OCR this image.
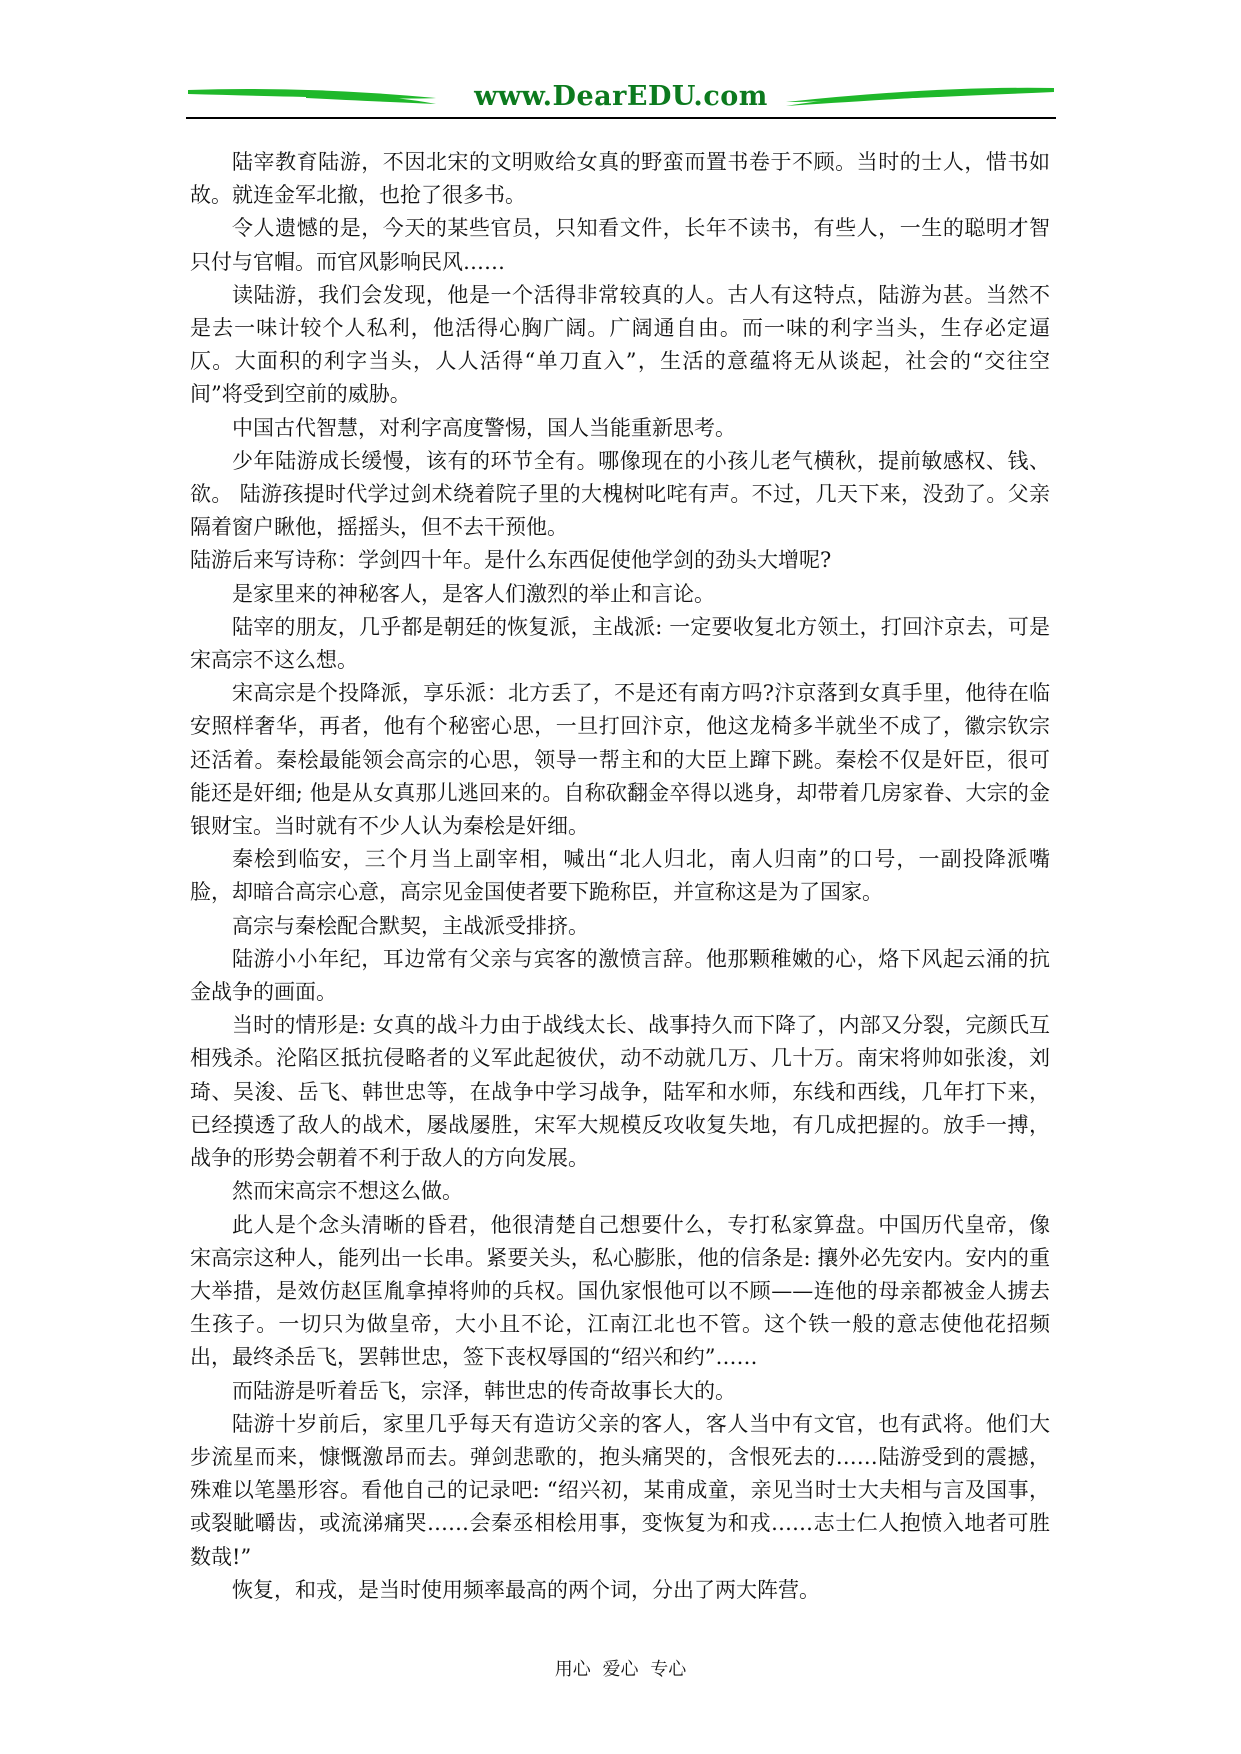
www.DearEDU.com

陆宰教育陆游，不因北宋的文明败给女真的野蛮而置书卷于不顾。当时的士人，惜书如故。就连金军北撤，也抢了很多书。

令人遗憾的是，今天的某些官员，只知看文件，长年不读书，有些人，一生的聪明才智只付与官帽。而官风影响民风……

读陆游，我们会发现，他是一个活得非常较真的人。古人有这特点，陆游为甚。当然不是去一味计较个人私利，他活得心胸广阔。广阔通自由。而一味的利字当头，生存必定逼仄。大面积的利字当头，人人活得“单刀直入”，生活的意蕴将无从谈起，社会的“交往空间”将受到空前的威胁。

中国古代智慧，对利字高度警惕，国人当能重新思考。

少年陆游成长缓慢，该有的环节全有。哪像现在的小孩儿老气横秋，提前敏感权、钱、欲。 陆游孩提时代学过剑术绕着院子里的大槐树叱咤有声。不过，几天下来，没劲了。父亲隔着窗户瞅他，摇摇头，但不去干预他。

陆游后来写诗称：学剑四十年。是什么东西促使他学剑的劲头大增呢?

是家里来的神秘客人，是客人们激烈的举止和言论。

陆宰的朋友，几乎都是朝廷的恢复派，主战派: 一定要收复北方领土，打回汴京去，可是宋高宗不这么想。

宋高宗是个投降派，享乐派：北方丢了，不是还有南方吗?汴京落到女真手里，他待在临安照样奢华，再者，他有个秘密心思，一旦打回汴京，他这龙椅多半就坐不成了，徽宗钦宗还活着。秦桧最能领会高宗的心思，领导一帮主和的大臣上蹿下跳。秦桧不仅是奸臣，很可能还是奸细; 他是从女真那儿逃回来的。自称砍翻金卒得以逃身，却带着几房家眷、大宗的金银财宝。当时就有不少人认为秦桧是奸细。

秦桧到临安，三个月当上副宰相，喊出“北人归北，南人归南”的口号，一副投降派嘴脸，却暗合高宗心意，高宗见金国使者要下跪称臣，并宣称这是为了国家。

高宗与秦桧配合默契，主战派受排挤。

陆游小小年纪，耳边常有父亲与宾客的激愤言辞。他那颗稚嫩的心，烙下风起云涌的抗金战争的画面。

当时的情形是: 女真的战斗力由于战线太长、战事持久而下降了，内部又分裂，完颜氏互相残杀。沦陷区抵抗侵略者的义军此起彼伏，动不动就几万、几十万。南宋将帅如张浚，刘琦、吴浚、岳飞、韩世忠等，在战争中学习战争，陆军和水师，东线和西线，几年打下来，已经摸透了敌人的战术，屡战屡胜，宋军大规模反攻收复失地，有几成把握的。放手一搏，战争的形势会朝着不利于敌人的方向发展。

然而宋高宗不想这么做。

此人是个念头清晰的昏君，他很清楚自己想要什么，专打私家算盘。中国历代皇帝，像宋高宗这种人，能列出一长串。紧要关头，私心膨胀，他的信条是: 攘外必先安内。安内的重大举措，是效仿赵匡胤拿掉将帅的兵权。国仇家恨他可以不顾——连他的母亲都被金人掳去生孩子。一切只为做皇帝，大小且不论，江南江北也不管。这个铁一般的意志使他花招频出，最终杀岳飞，罢韩世忠，签下丧权辱国的“绍兴和约”……

而陆游是听着岳飞，宗泽，韩世忠的传奇故事长大的。

陆游十岁前后，家里几乎每天有造访父亲的客人，客人当中有文官，也有武将。他们大步流星而来，慷慨激昂而去。弹剑悲歌的，抱头痛哭的，含恨死去的……陆游受到的震撼，殊难以笔墨形容。看他自己的记录吧: “绍兴初，某甫成童，亲见当时士大夫相与言及国事，或裂眦嚼齿，或流涕痛哭……会秦丞相桧用事，变恢复为和戎……志士仁人抱愤入地者可胜数哉!”

恢复，和戎，是当时使用频率最高的两个词，分出了两大阵营。

用心 爱心 专心
